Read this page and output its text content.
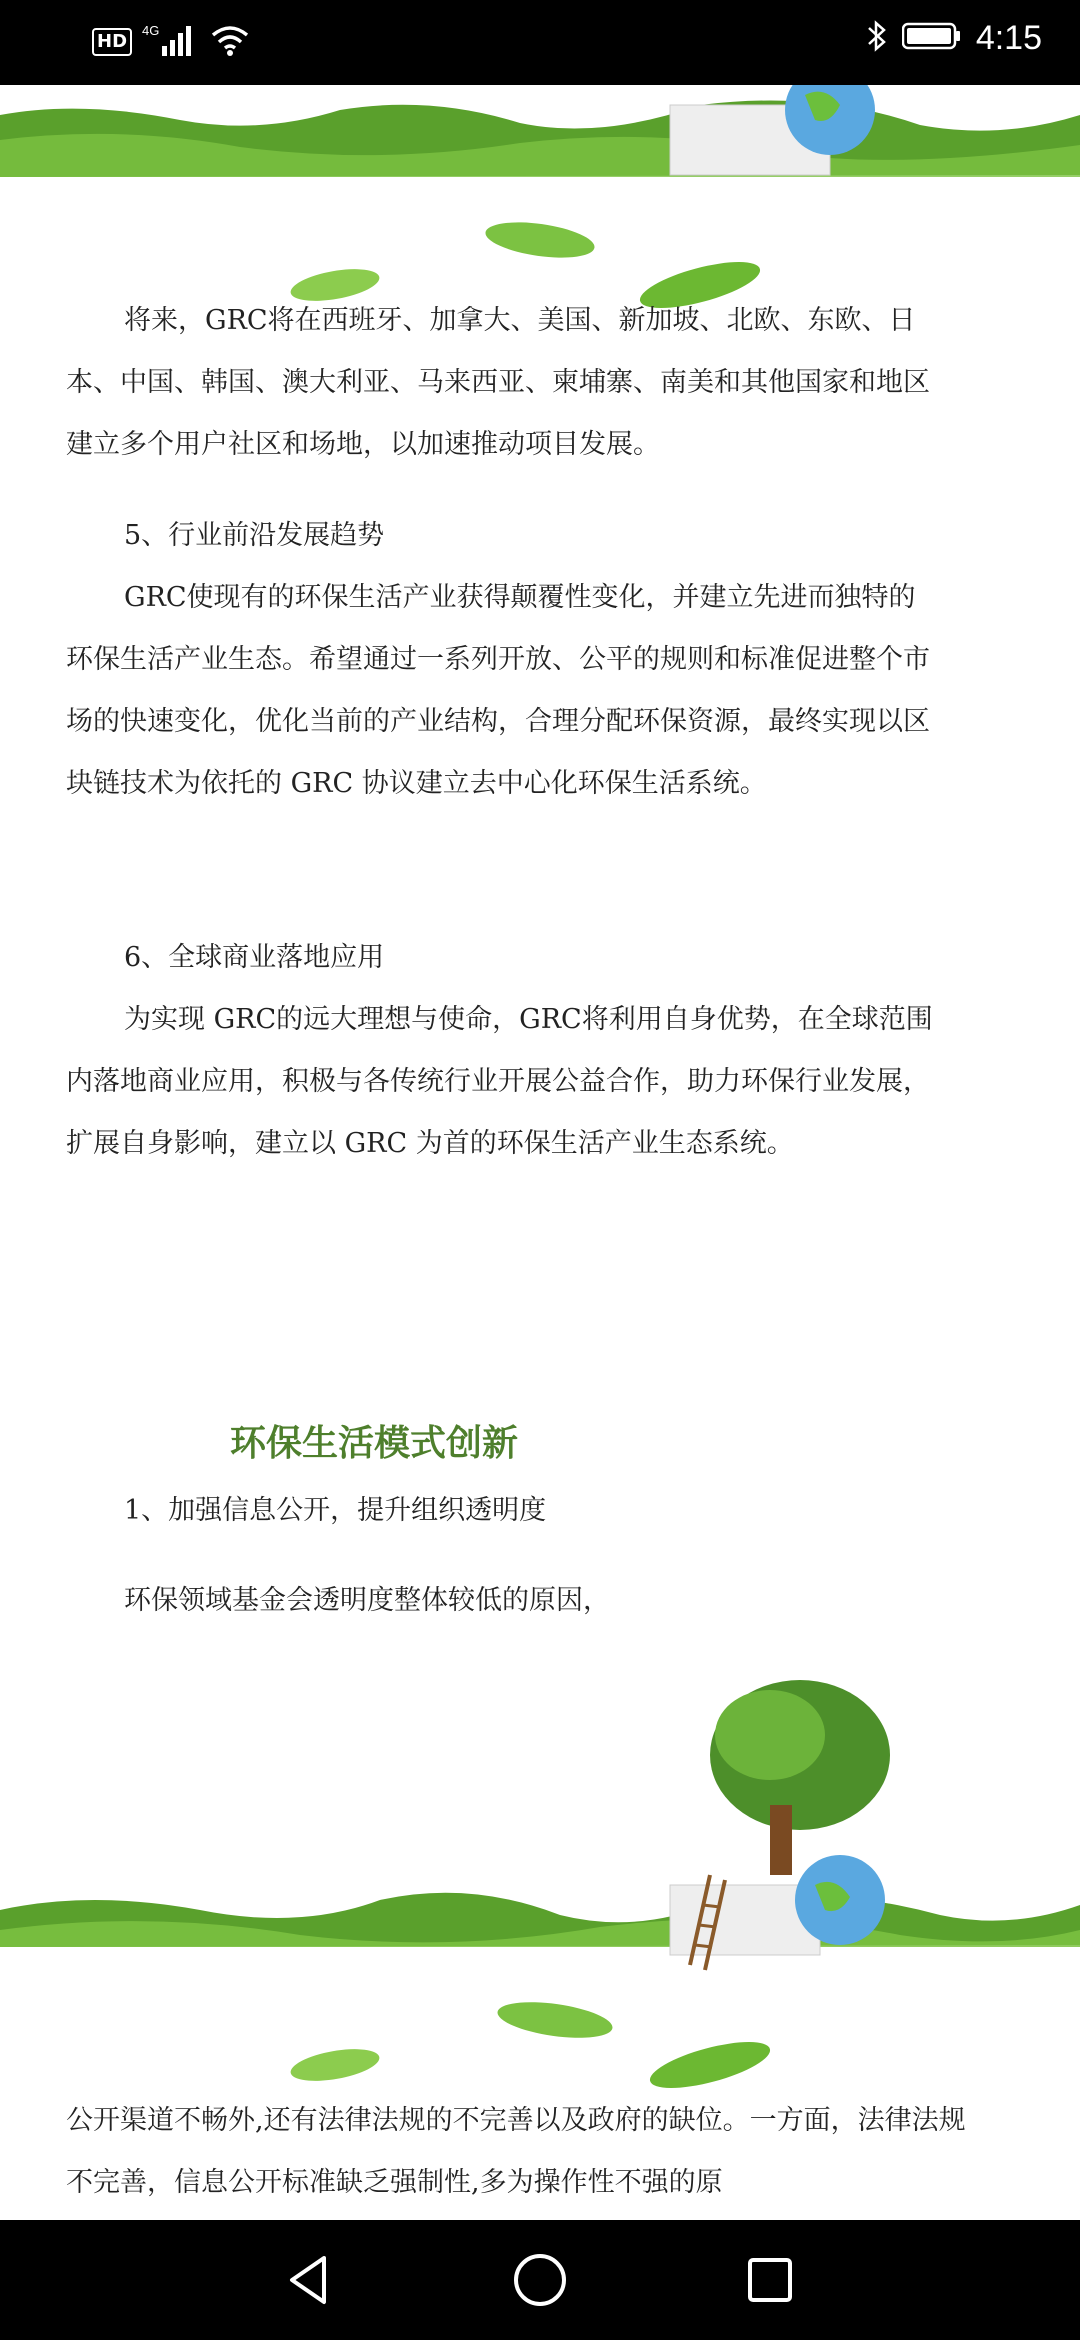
HD
4G	4:15

将来，GRC将在西班牙、加拿大、美国、新加坡、北欧、东欧、日本、中国、韩国、澳大利亚、马来西亚、柬埔寨、南美和其他国家和地区建立多个用户社区和场地，以加速推动项目发展。

5、行业前沿发展趋势

GRC使现有的环保生活产业获得颠覆性变化，并建立先进而独特的环保生活产业生态。希望通过一系列开放、公平的规则和标准促进整个市场的快速变化，优化当前的产业结构，合理分配环保资源，最终实现以区块链技术为依托的 GRC 协议建立去中心化环保生活系统。

6、全球商业落地应用

为实现 GRC的远大理想与使命，GRC将利用自身优势，在全球范围内落地商业应用，积极与各传统行业开展公益合作，助力环保行业发展，扩展自身影响，建立以 GRC 为首的环保生活产业生态系统。

环保生活模式创新

1、加强信息公开，提升组织透明度

环保领域基金会透明度整体较低的原因，

公开渠道不畅外,还有法律法规的不完善以及政府的缺位。一方面，法律法规不完善，信息公开标准缺乏强制性,多为操作性不强的原
